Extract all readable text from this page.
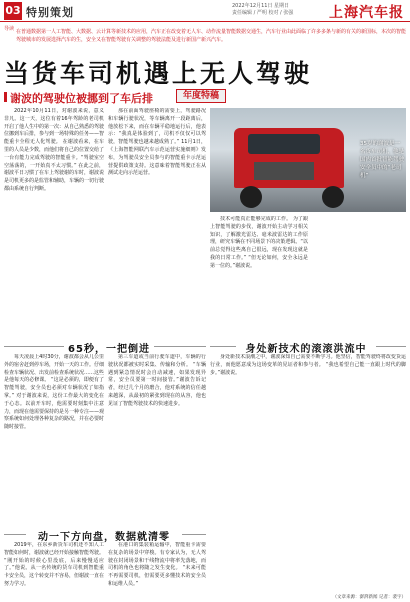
03 特别策划	2022年12月11日 星期日
责任编辑 / 严明 校对 / 张强	上海汽车报
导读 在普通数据第一人工智能、大数据、云计算等新技术的应用，汽车正在改变着无人车、动作流量智能数据交通生，汽车行业由此面临了许多多条与新的有关的新国标，本次的智能驾驶城市的发展选择汽车的生，安全又在智能驾驶有关调整的驾驶法能及进行新国产新兴汽车。
当货车司机遇上无人驾驶
谢波的驾驶位被挪到了车后排	年度特稿

2022年10月11日，对谢波来说，意义非凡。这一天，这位有着16年驾龄的老司机开启了他人生中的第一次：从自己熟悉的驾驶位挪到车后排，参与到一场特殊的任务——智能重卡全程无人化驾驶。 在谢波看来，在车里的人员是少数，而他们将自己的位置交给了一台有能力完成驾驶的智能重卡。“驾驶室空空荡荡的，一开始真不太习惯。” 在此之前，谢波平日习惯了在车上驾驶谢的车时，谢波说是司机更多的是监管和辅助，车辆的一切行驶都由系统自行判断。

那在前面驾驶座椅的需要上，驾驶路况和车辆行驶状况，等车辆离开一段距离后，他放松下来，而在车辆平稳地运行后，他表示：“我真是体验到了，司机不仅仅可以驾驶，智能驾驶也越来越成熟了。” 11月1日，《上海智能网联汽车示范运营实施细则》发布，为驾驶员安全员参与的智能重卡示范运营提供政策支持。这意味着智能驾驶正在从测试走向示范运营。

35岁的谢波是一名货车司机，他是国内首批智能驾驶安全员中的“老司机”

技术可能真正能够完成的工作。 为了跟上智能驾驶的步伐，谢波开始主动学习相关知识，了解激光雷达、毫米波雷达的工作原理，研究车辆在不同场景下的决策逻辑。“以前总觉得这些离自己很远，现在发现这就是我的日常工作。” “但无论如何，安全永远是第一位的。”谢波说。

65秒，一把倒进

每天凌晨上4时30分，谢波都会从几公里外的宿舍赶到停车场，开始一天的工作。仔细检查车辆状况、出发前检查系统状况……这些是他每天的必修课。 “这是必须的，即便有了智能驾驶，安全员也必须对车辆状况了如指掌。” 对于谢波来说，这份工作最大的变化在于心态。以前开车时，他需要时刻集中注意力，而现在他需要保持的是另一种专注——观察系统如何处理各种复杂的路况，并在必要时随时接管。

第三车道或当前行驶车道中，车辆的行驶状况都被实时采集、传输和分析。 “车辆遇到紧急情况时会自动减速，如果发现异常，安全员要第一时间接管。”谢波告诉记者，经过几个月的磨合，他对系统的信任越来越深，从最初的紧张到现在的从容，他也见证了智能驾驶技术的快速进步。

身处新技术的滚滚洪流中

身处新技术浪潮之中，谢波深知自己需要不断学习。他坚信，智能驾驶终将改变货运行业，而他愿意成为这场变革的见证者和参与者。 “我也希望自己能一直跟上时代的脚步。”谢波说。

动一下方向盘，数据就清零

2019年，在东乡新货车司机还不知人工智能如何时，谢波就已经开始接触智能驾驶。 “刚开始的时候心里没底，后来慢慢适应了。”他说。从一名传统的货车司机到智能重卡安全员，这个转变并不容易，但谢波一直在努力学习。

在港口的集装箱运输中，智能重卡需要在复杂的场景中穿梭。有专家认为，无人驾驶在封闭场景和干线物流中将率先落地，而司机的角色也将随之发生变化。 “未来可能不再需要司机，但需要更多懂技术的安全员和运维人员。”

（文章来源：澎湃新闻 记者：裴宇）
